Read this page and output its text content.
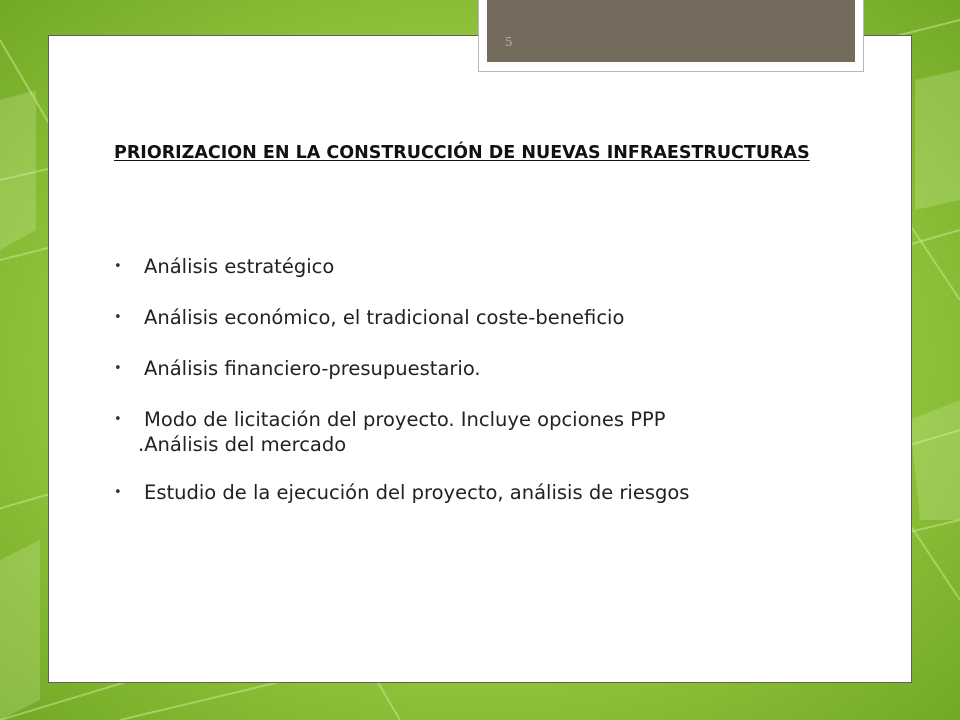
5
PRIORIZACION EN LA CONSTRUCCIÓN DE NUEVAS INFRAESTRUCTURAS
• Análisis estratégico
• Análisis económico, el tradicional coste-beneficio
• Análisis financiero-presupuestario.
• Modo de licitación del proyecto. Incluye opciones PPP
.Análisis del mercado
• Estudio de la ejecución del proyecto, análisis de riesgos
